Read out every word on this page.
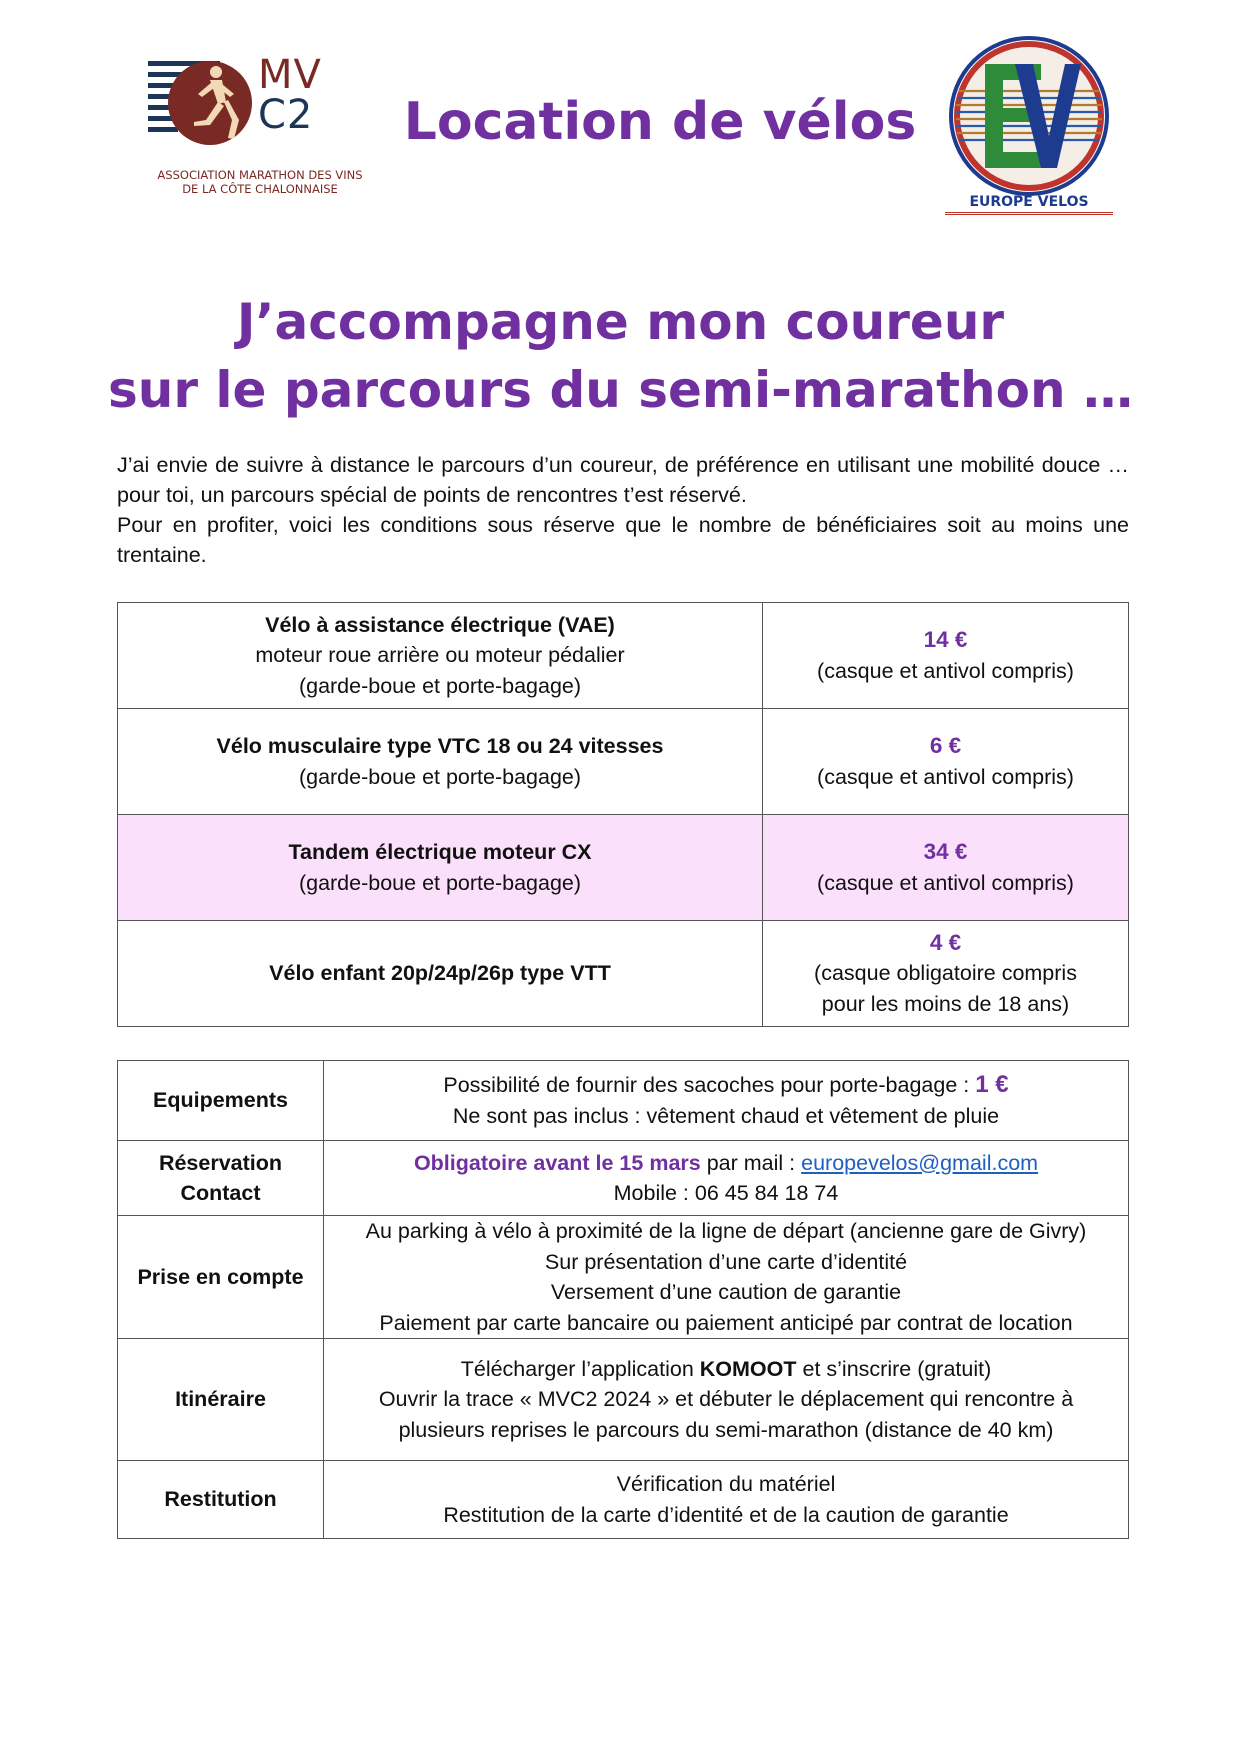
MV
C2
ASSOCIATION MARATHON DES VINS
DE LA CÔTE CHALONNAISE
Location de vélos
EUROPE VELOS
J’accompagne mon coureur
sur le parcours du semi-marathon …

J’ai envie de suivre à distance le parcours d’un coureur, de préférence en utilisant une mobilité douce … pour toi, un parcours spécial de points de rencontres t’est réservé.

Pour en profiter, voici les conditions sous réserve que le nombre de bénéficiaires soit au moins une trentaine.

Vélo à assistance électrique (VAE)
moteur roue arrière ou moteur pédalier
(garde-boue et porte-bagage)	14 €
(casque et antivol compris)

Vélo musculaire type VTC 18 ou 24 vitesses
(garde-boue et porte-bagage)	6 €
(casque et antivol compris)

Tandem électrique moteur CX
(garde-boue et porte-bagage)	34 €
(casque et antivol compris)

Vélo enfant 20p/24p/26p type VTT	4 €
(casque obligatoire compris
pour les moins de 18 ans)
Equipements	Possibilité de fournir des sacoches pour porte-bagage : 1 €
Ne sont pas inclus : vêtement chaud et vêtement de pluie

Réservation
Contact	Obligatoire avant le 15 mars par mail : europevelos@gmail.com
Mobile : 06 45 84 18 74

Prise en compte	Au parking à vélo à proximité de la ligne de départ (ancienne gare de Givry)
Sur présentation d’une carte d’identité
Versement d’une caution de garantie
Paiement par carte bancaire ou paiement anticipé par contrat de location

Itinéraire	Télécharger l’application KOMOOT et s’inscrire (gratuit)
Ouvrir la trace « MVC2 2024 » et débuter le déplacement qui rencontre à
plusieurs reprises le parcours du semi-marathon (distance de 40 km)

Restitution	Vérification du matériel
Restitution de la carte d’identité et de la caution de garantie
